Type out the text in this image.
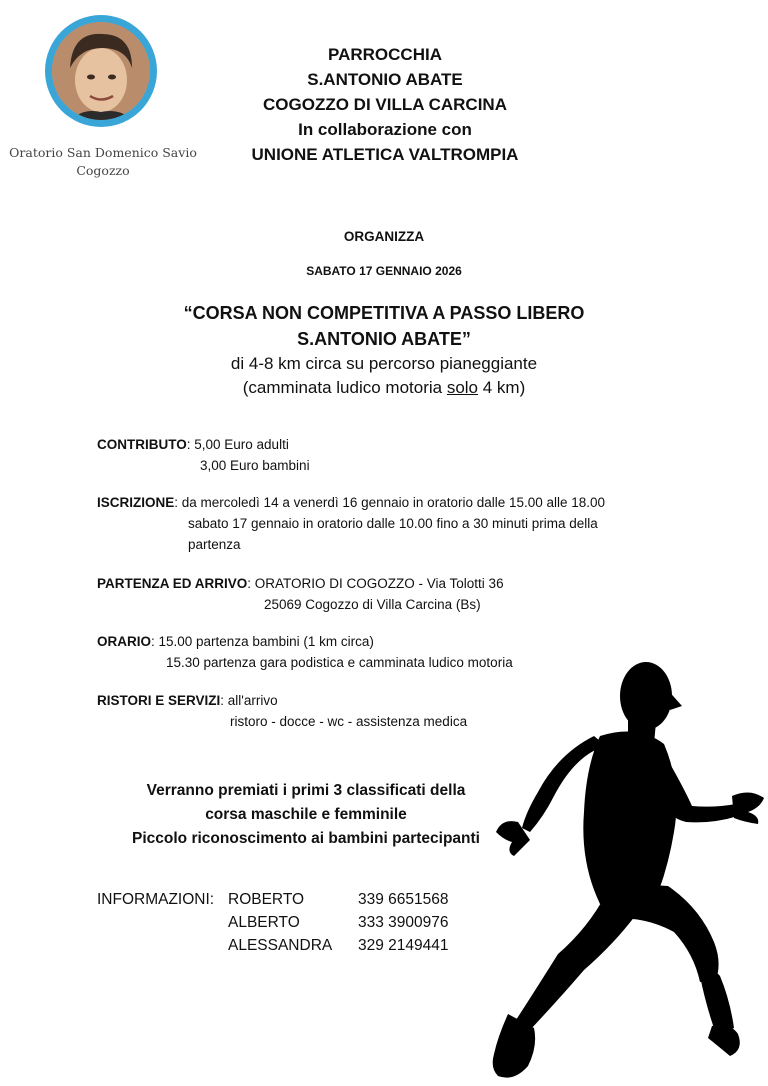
Oratorio San Domenico Savio
Cogozzo
PARROCCHIA
S.ANTONIO ABATE
COGOZZO DI VILLA CARCINA
In collaborazione con
UNIONE ATLETICA VALTROMPIA
ORGANIZZA
SABATO 17 GENNAIO 2026
“CORSA NON COMPETITIVA A PASSO LIBERO
S.ANTONIO ABATE”
di 4-8 km circa su percorso pianeggiante
(camminata ludico motoria solo 4 km)
CONTRIBUTO: 5,00 Euro adulti
3,00 Euro bambini
ISCRIZIONE: da mercoledì 14 a venerdì 16 gennaio in oratorio dalle 15.00 alle 18.00
sabato 17 gennaio in oratorio dalle 10.00 fino a 30 minuti prima della
partenza
PARTENZA ED ARRIVO: ORATORIO DI COGOZZO - Via Tolotti 36
25069 Cogozzo di Villa Carcina (Bs)
ORARIO: 15.00 partenza bambini (1 km circa)
15.30 partenza gara podistica e camminata ludico motoria
RISTORI E SERVIZI: all'arrivo
ristoro - docce - wc - assistenza medica
Verranno premiati i primi 3 classificati della
corsa maschile e femminile
Piccolo riconoscimento ai bambini partecipanti
INFORMAZIONI: ROBERTO	339 6651568
ALBERTO	333 3900976
ALESSANDRA	329 2149441
